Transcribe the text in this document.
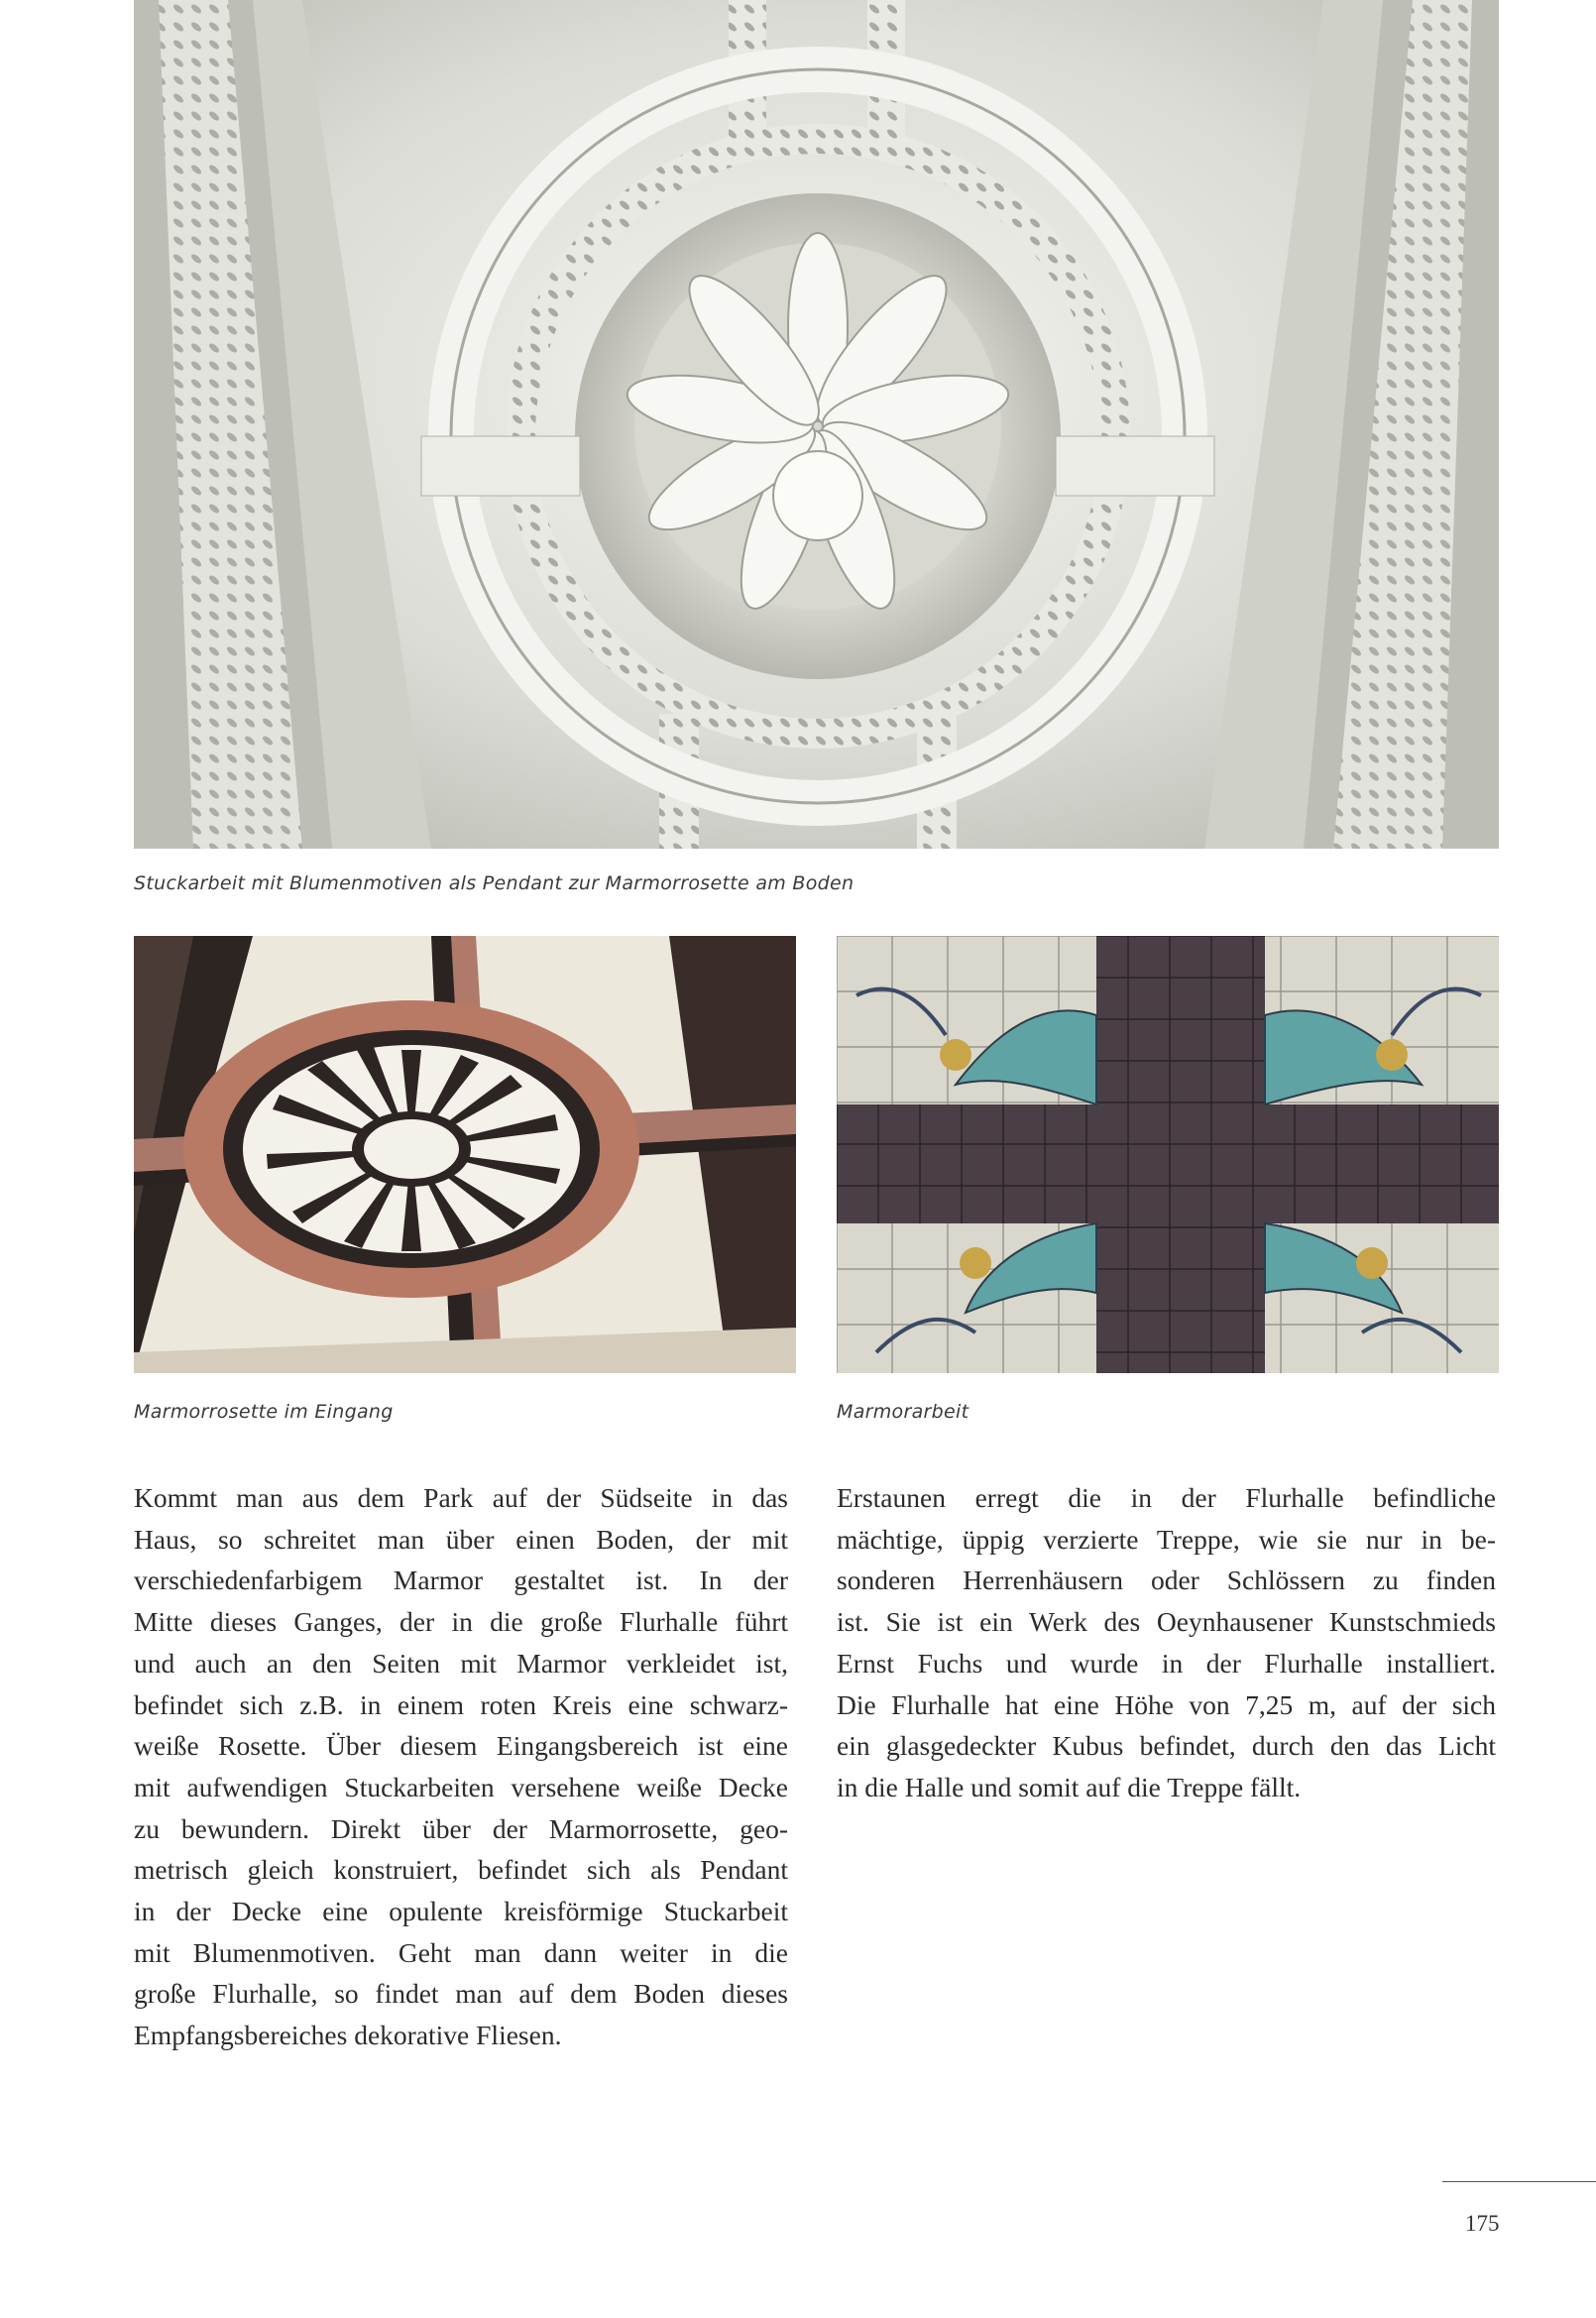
Stuckarbeit mit Blumenmotiven als Pendant zur Marmorrosette am Boden
Marmorrosette im Eingang	Marmorarbeit
Kommt man aus dem Park auf der Südseite in das
Haus, so schreitet man über einen Boden, der mit
verschiedenfarbigem Marmor gestaltet ist. In der
Mitte dieses Ganges, der in die große Flurhalle führt
und auch an den Seiten mit Marmor verkleidet ist,
befindet sich z.B. in einem roten Kreis eine schwarz-
weiße Rosette. Über diesem Eingangsbereich ist eine
mit aufwendigen Stuckarbeiten versehene weiße Decke
zu bewundern. Direkt über der Marmorrosette, geo-
metrisch gleich konstruiert, befindet sich als Pendant
in der Decke eine opulente kreisförmige Stuckarbeit
mit Blumenmotiven. Geht man dann weiter in die
große Flurhalle, so findet man auf dem Boden dieses
Empfangsbereiches dekorative Fliesen.
Erstaunen erregt die in der Flurhalle befindliche
mächtige, üppig verzierte Treppe, wie sie nur in be-
sonderen Herrenhäusern oder Schlössern zu finden
ist. Sie ist ein Werk des Oeynhausener Kunstschmieds
Ernst Fuchs und wurde in der Flurhalle installiert.
Die Flurhalle hat eine Höhe von 7,25 m, auf der sich
ein glasgedeckter Kubus befindet, durch den das Licht
in die Halle und somit auf die Treppe fällt.
175
